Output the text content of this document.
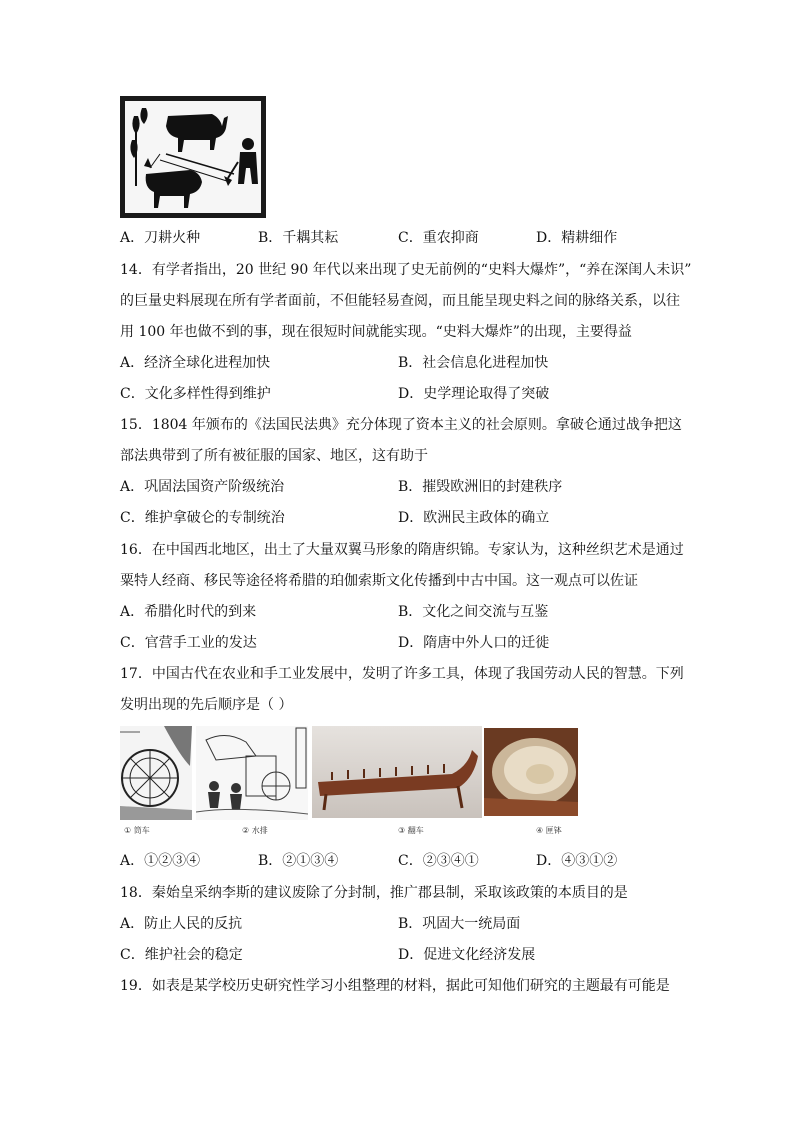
A．刀耕火种	B．千耦其耘	C．重农抑商	D．精耕细作
14．有学者指出，20 世纪 90 年代以来出现了史无前例的“史料大爆炸”，“养在深闺人未识”
的巨量史料展现在所有学者面前，不但能轻易查阅，而且能呈现史料之间的脉络关系，以往
用 100 年也做不到的事，现在很短时间就能实现。“史料大爆炸”的出现，主要得益
A．经济全球化进程加快	B．社会信息化进程加快
C．文化多样性得到维护	D．史学理论取得了突破
15．1804 年颁布的《法国民法典》充分体现了资本主义的社会原则。拿破仑通过战争把这
部法典带到了所有被征服的国家、地区，这有助于
A．巩固法国资产阶级统治	B．摧毁欧洲旧的封建秩序
C．维护拿破仑的专制统治	D．欧洲民主政体的确立
16．在中国西北地区，出土了大量双翼马形象的隋唐织锦。专家认为，这种丝织艺术是通过
粟特人经商、移民等途径将希腊的珀伽索斯文化传播到中古中国。这一观点可以佐证
A．希腊化时代的到来	B．文化之间交流与互鉴
C．官营手工业的发达	D．隋唐中外人口的迁徙
17．中国古代在农业和手工业发展中，发明了许多工具，体现了我国劳动人民的智慧。下列
发明出现的先后顺序是（ ）
① 筒车	② 水排	③ 翻车	④ 匣钵
A．①②③④	B．②①③④	C．②③④①	D．④③①②
18．秦始皇采纳李斯的建议废除了分封制，推广郡县制，采取该政策的本质目的是
A．防止人民的反抗	B．巩固大一统局面
C．维护社会的稳定	D．促进文化经济发展
19．如表是某学校历史研究性学习小组整理的材料，据此可知他们研究的主题最有可能是
